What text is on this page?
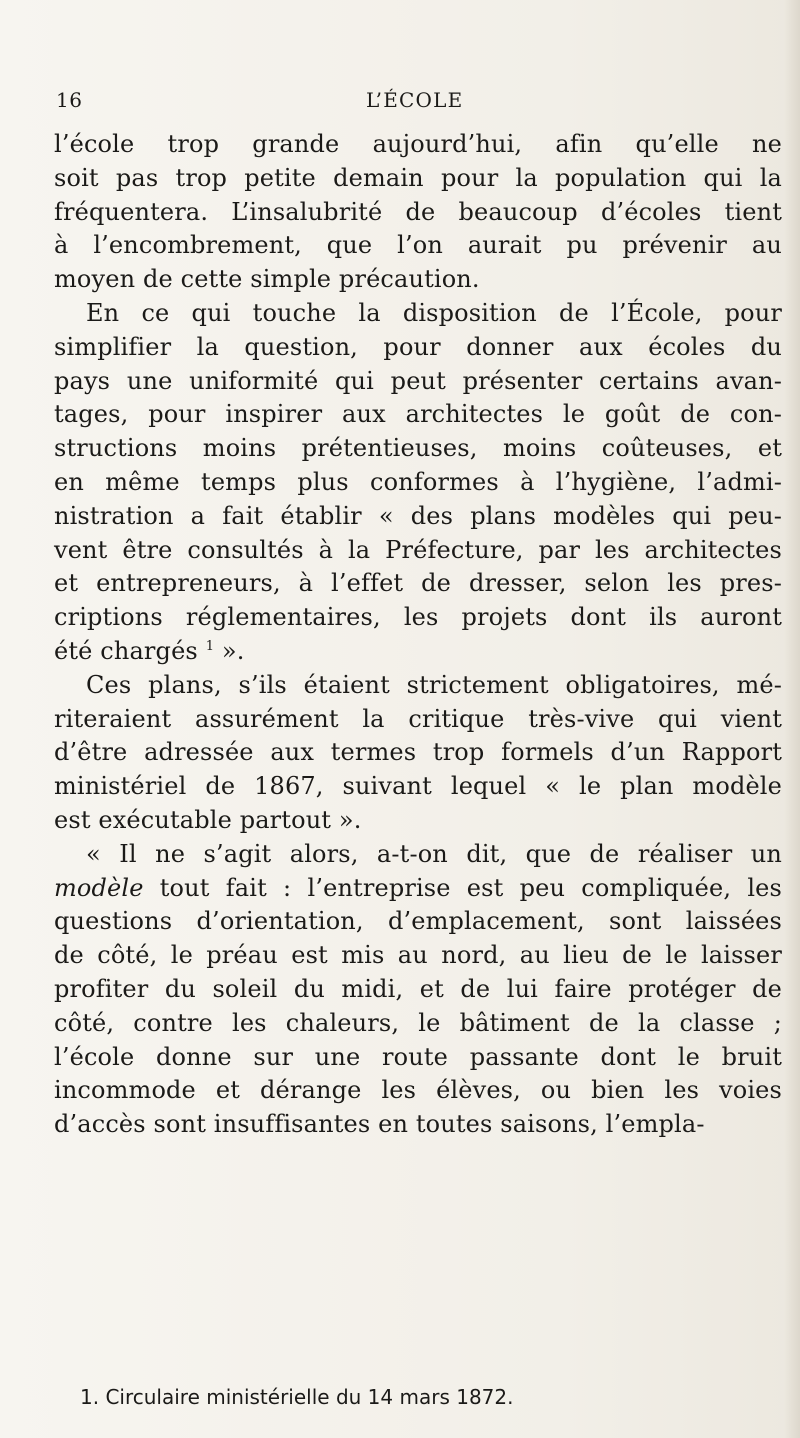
16	L’ÉCOLE

l’école trop grande aujourd’hui, afin qu’elle ne
soit pas trop petite demain pour la population qui la
fréquentera. L’insalubrité de beaucoup d’écoles tient
à l’encombrement, que l’on aurait pu prévenir au
moyen de cette simple précaution.

En ce qui touche la disposition de l’École, pour
simplifier la question, pour donner aux écoles du
pays une uniformité qui peut présenter certains avan-
tages, pour inspirer aux architectes le goût de con-
structions moins prétentieuses, moins coûteuses, et
en même temps plus conformes à l’hygiène, l’admi-
nistration a fait établir « des plans modèles qui peu-
vent être consultés à la Préfecture, par les architectes
et entrepreneurs, à l’effet de dresser, selon les pres-
criptions réglementaires, les projets dont ils auront
été chargés $^1$ ».

Ces plans, s’ils étaient strictement obligatoires, mé-
riteraient assurément la critique très-vive qui vient
d’être adressée aux termes trop formels d’un Rapport
ministériel de 1867, suivant lequel « le plan modèle
est exécutable partout ».

« Il ne s’agit alors, a-t-on dit, que de réaliser un
modèle tout fait : l’entreprise est peu compliquée, les
questions d’orientation, d’emplacement, sont laissées
de côté, le préau est mis au nord, au lieu de le laisser
profiter du soleil du midi, et de lui faire protéger de
côté, contre les chaleurs, le bâtiment de la classe ;
l’école donne sur une route passante dont le bruit
incommode et dérange les élèves, ou bien les voies
d’accès sont insuffisantes en toutes saisons, l’empla-

1. Circulaire ministérielle du 14 mars 1872.
